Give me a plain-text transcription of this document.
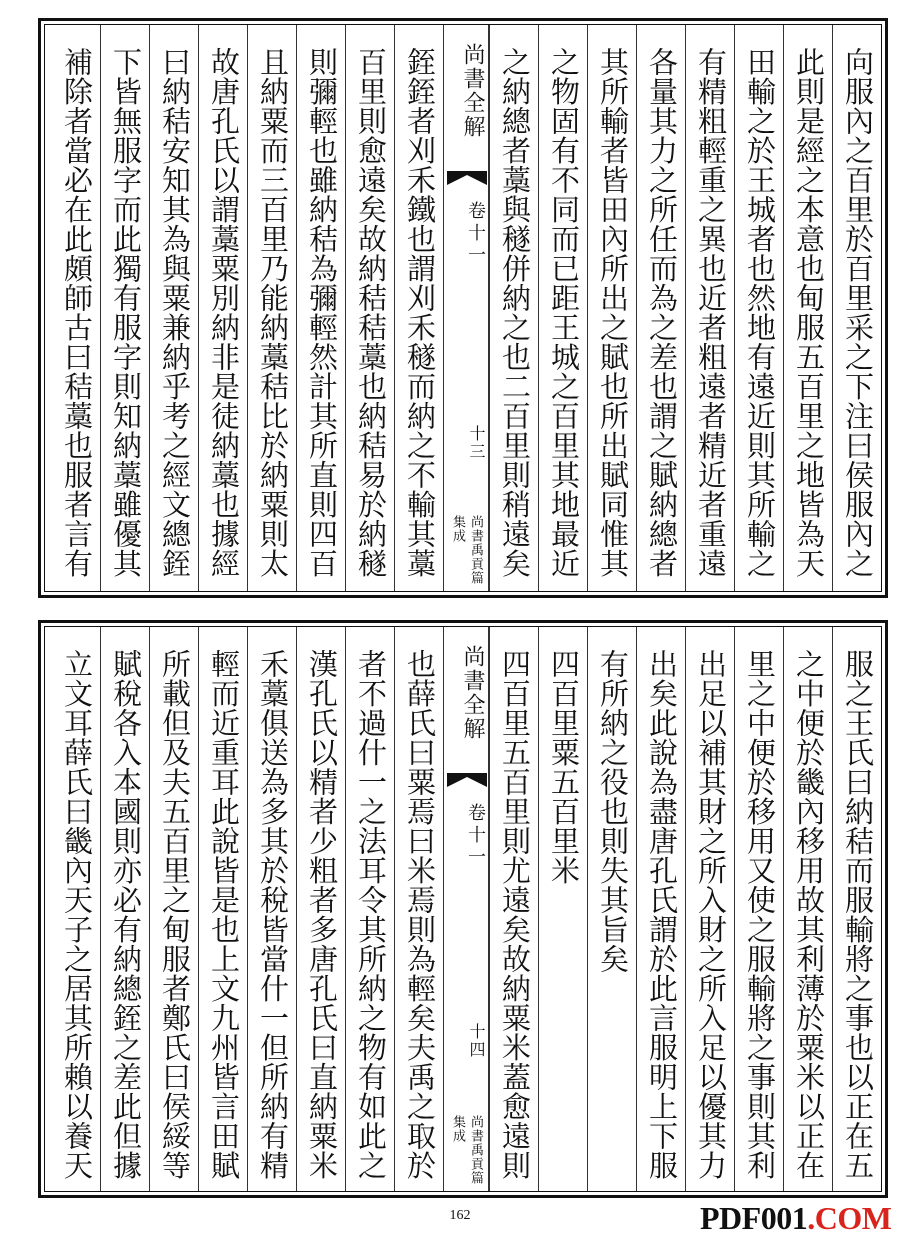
向服內之百里於百里采之下注曰侯服內之
此則是經之本意也甸服五百里之地皆為天
田輸之於王城者也然地有遠近則其所輸之
有精粗輕重之異也近者粗遠者精近者重遠
各量其力之所任而為之差也謂之賦納總者
其所輸者皆田內所出之賦也所出賦同惟其
之物固有不同而已距王城之百里其地最近
之納總者藁與穟併納之也二百里則稍遠矣
尚書全解
卷十一
十三
尚書禹貢篇
集成
銍銍者刈禾鐵也謂刈禾穟而納之不輸其藁
百里則愈遠矣故納秸秸藁也納秸易於納穟
則彌輕也雖納秸為彌輕然計其所直則四百
且納粟而三百里乃能納藁秸比於納粟則太
故唐孔氏以謂藁粟別納非是徒納藁也據經
曰納秸安知其為與粟兼納乎考之經文總銍
下皆無服字而此獨有服字則知納藁雖優其
補除者當必在此頗師古曰秸藁也服者言有
服之王氏曰納秸而服輸將之事也以正在五
之中便於畿內移用故其利薄於粟米以正在
里之中便於移用又使之服輸將之事則其利
出足以補其財之所入財之所入足以優其力
出矣此說為盡唐孔氏謂於此言服明上下服
有所納之役也則失其旨矣
四百里粟五百里米
四百里五百里則尤遠矣故納粟米蓋愈遠則
尚書全解
卷十一
十四
尚書禹貢篇
集成
也薛氏曰粟焉曰米焉則為輕矣夫禹之取於
者不過什一之法耳令其所納之物有如此之
漢孔氏以精者少粗者多唐孔氏曰直納粟米
禾藁俱送為多其於稅皆當什一但所納有精
輕而近重耳此說皆是也上文九州皆言田賦
所載但及夫五百里之甸服者鄭氏曰侯綏等
賦稅各入本國則亦必有納總銍之差此但據
立文耳薛氏曰畿內天子之居其所賴以養天
162	PDF001.COM
